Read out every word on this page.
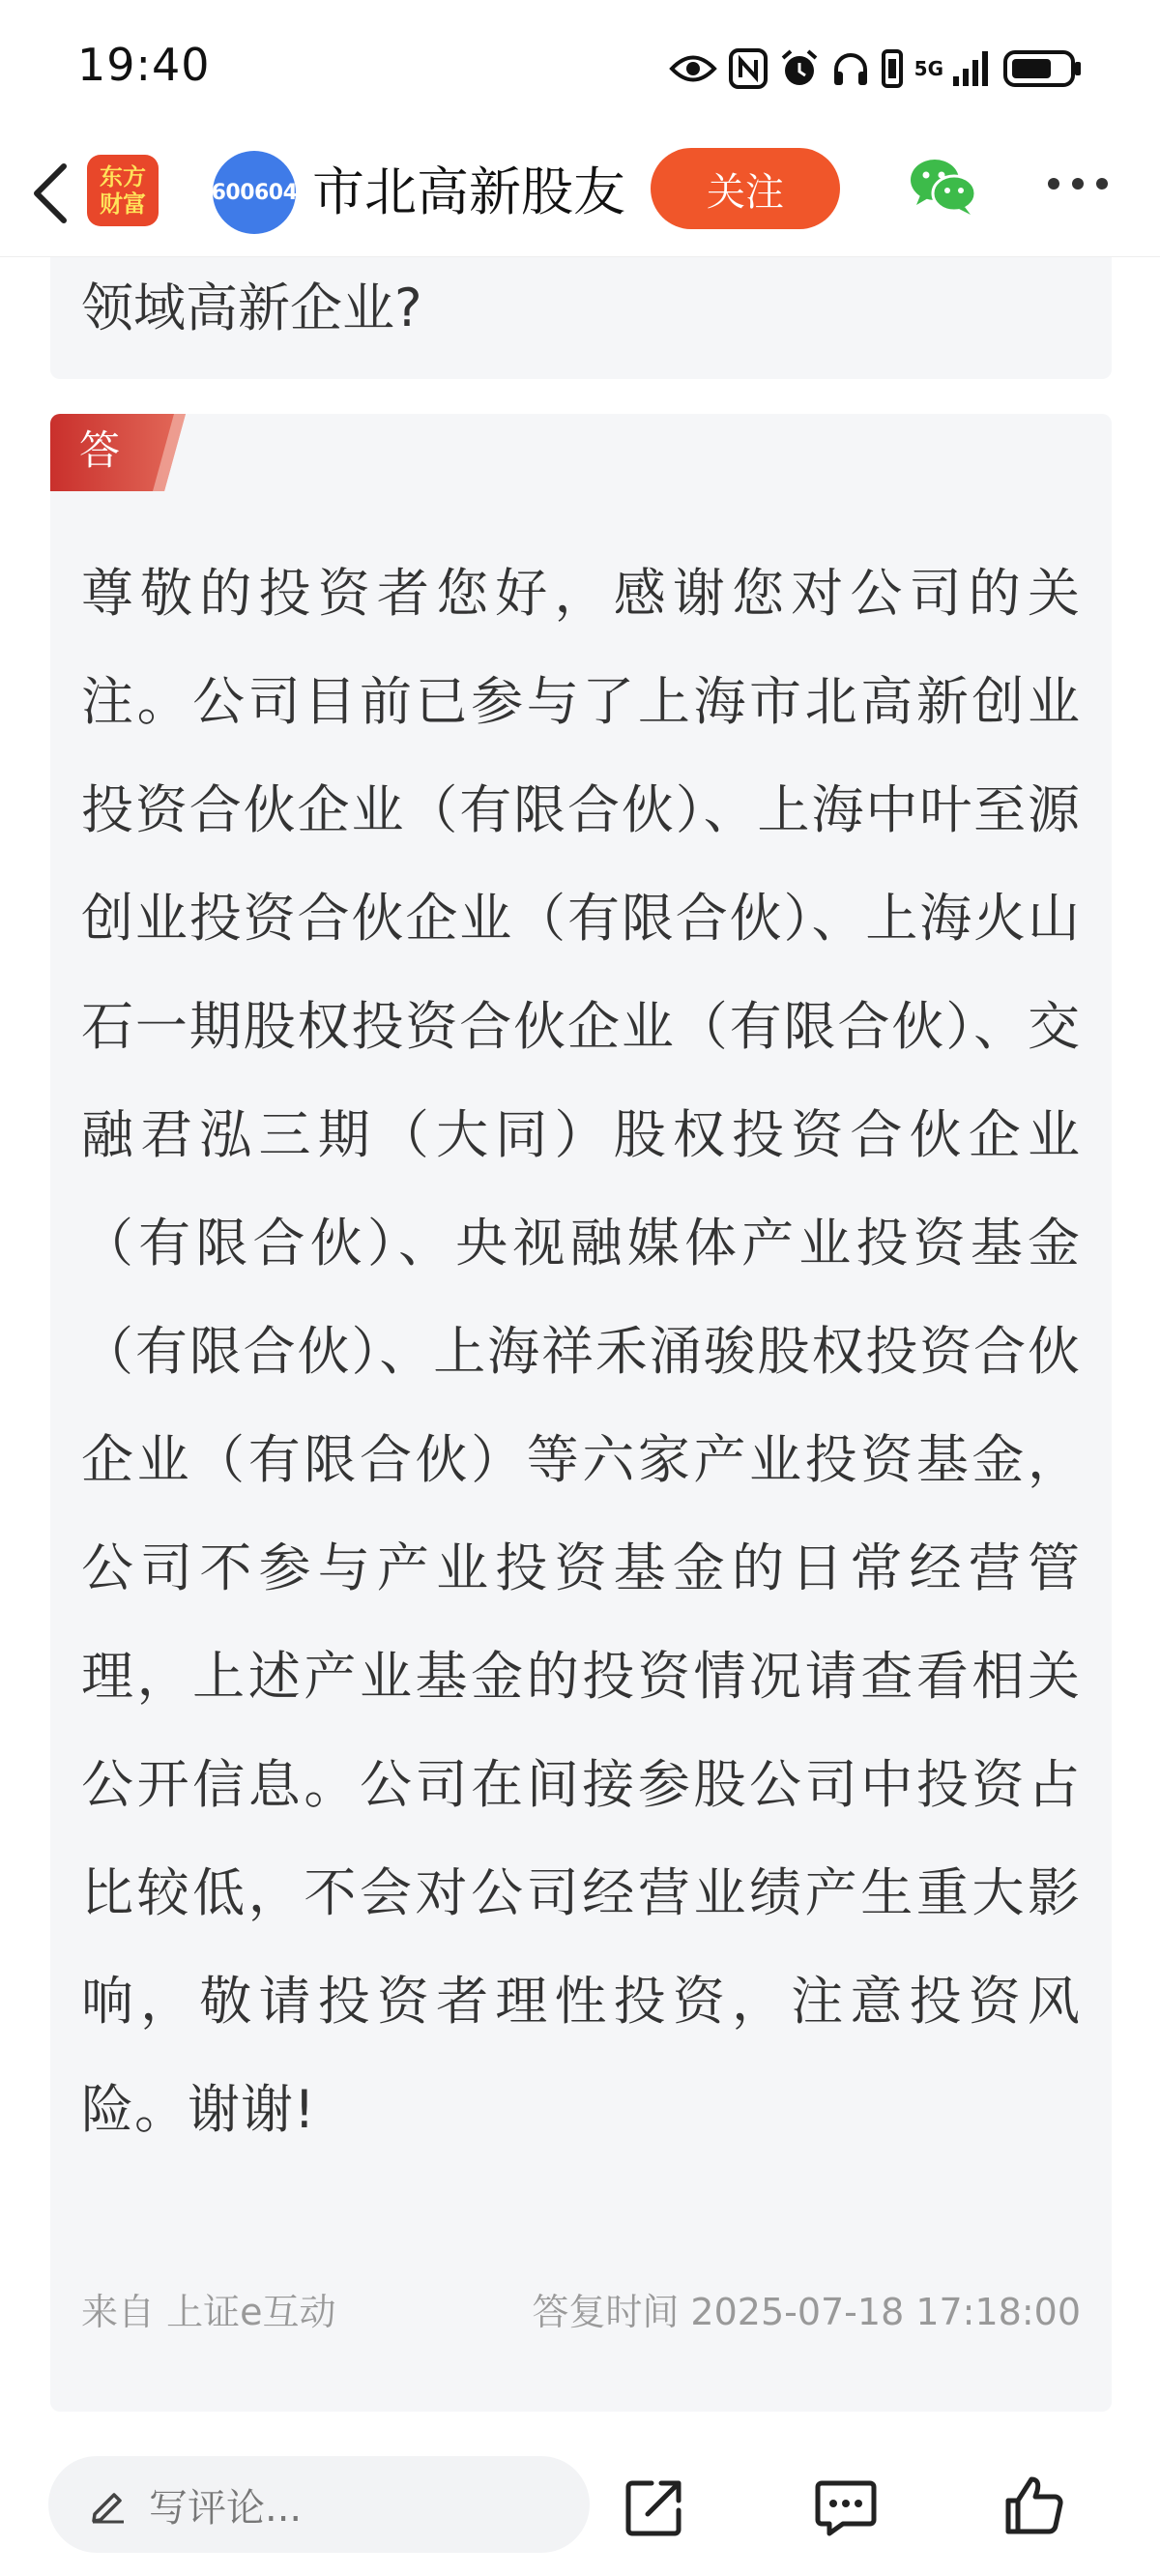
19:40	5G
东方
财富	600604 市北高新股友	关注
领域高新企业?
答
尊敬的投资者您好，感谢您对公司的关注。公司目前已参与了上海市北高新创业投资合伙企业（有限合伙）、上海中叶至源创业投资合伙企业（有限合伙）、上海火山石一期股权投资合伙企业（有限合伙）、交融君泓三期（大同）股权投资合伙企业（有限合伙）、央视融媒体产业投资基金（有限合伙）、上海祥禾涌骏股权投资合伙企业（有限合伙）等六家产业投资基金，公司不参与产业投资基金的日常经营管理，上述产业基金的投资情况请查看相关公开信息。公司在间接参股公司中投资占比较低，不会对公司经营业绩产生重大影响，敬请投资者理性投资，注意投资风险。谢谢!
来自 上证e互动	答复时间 2025-07-18 17:18:00
写评论...
